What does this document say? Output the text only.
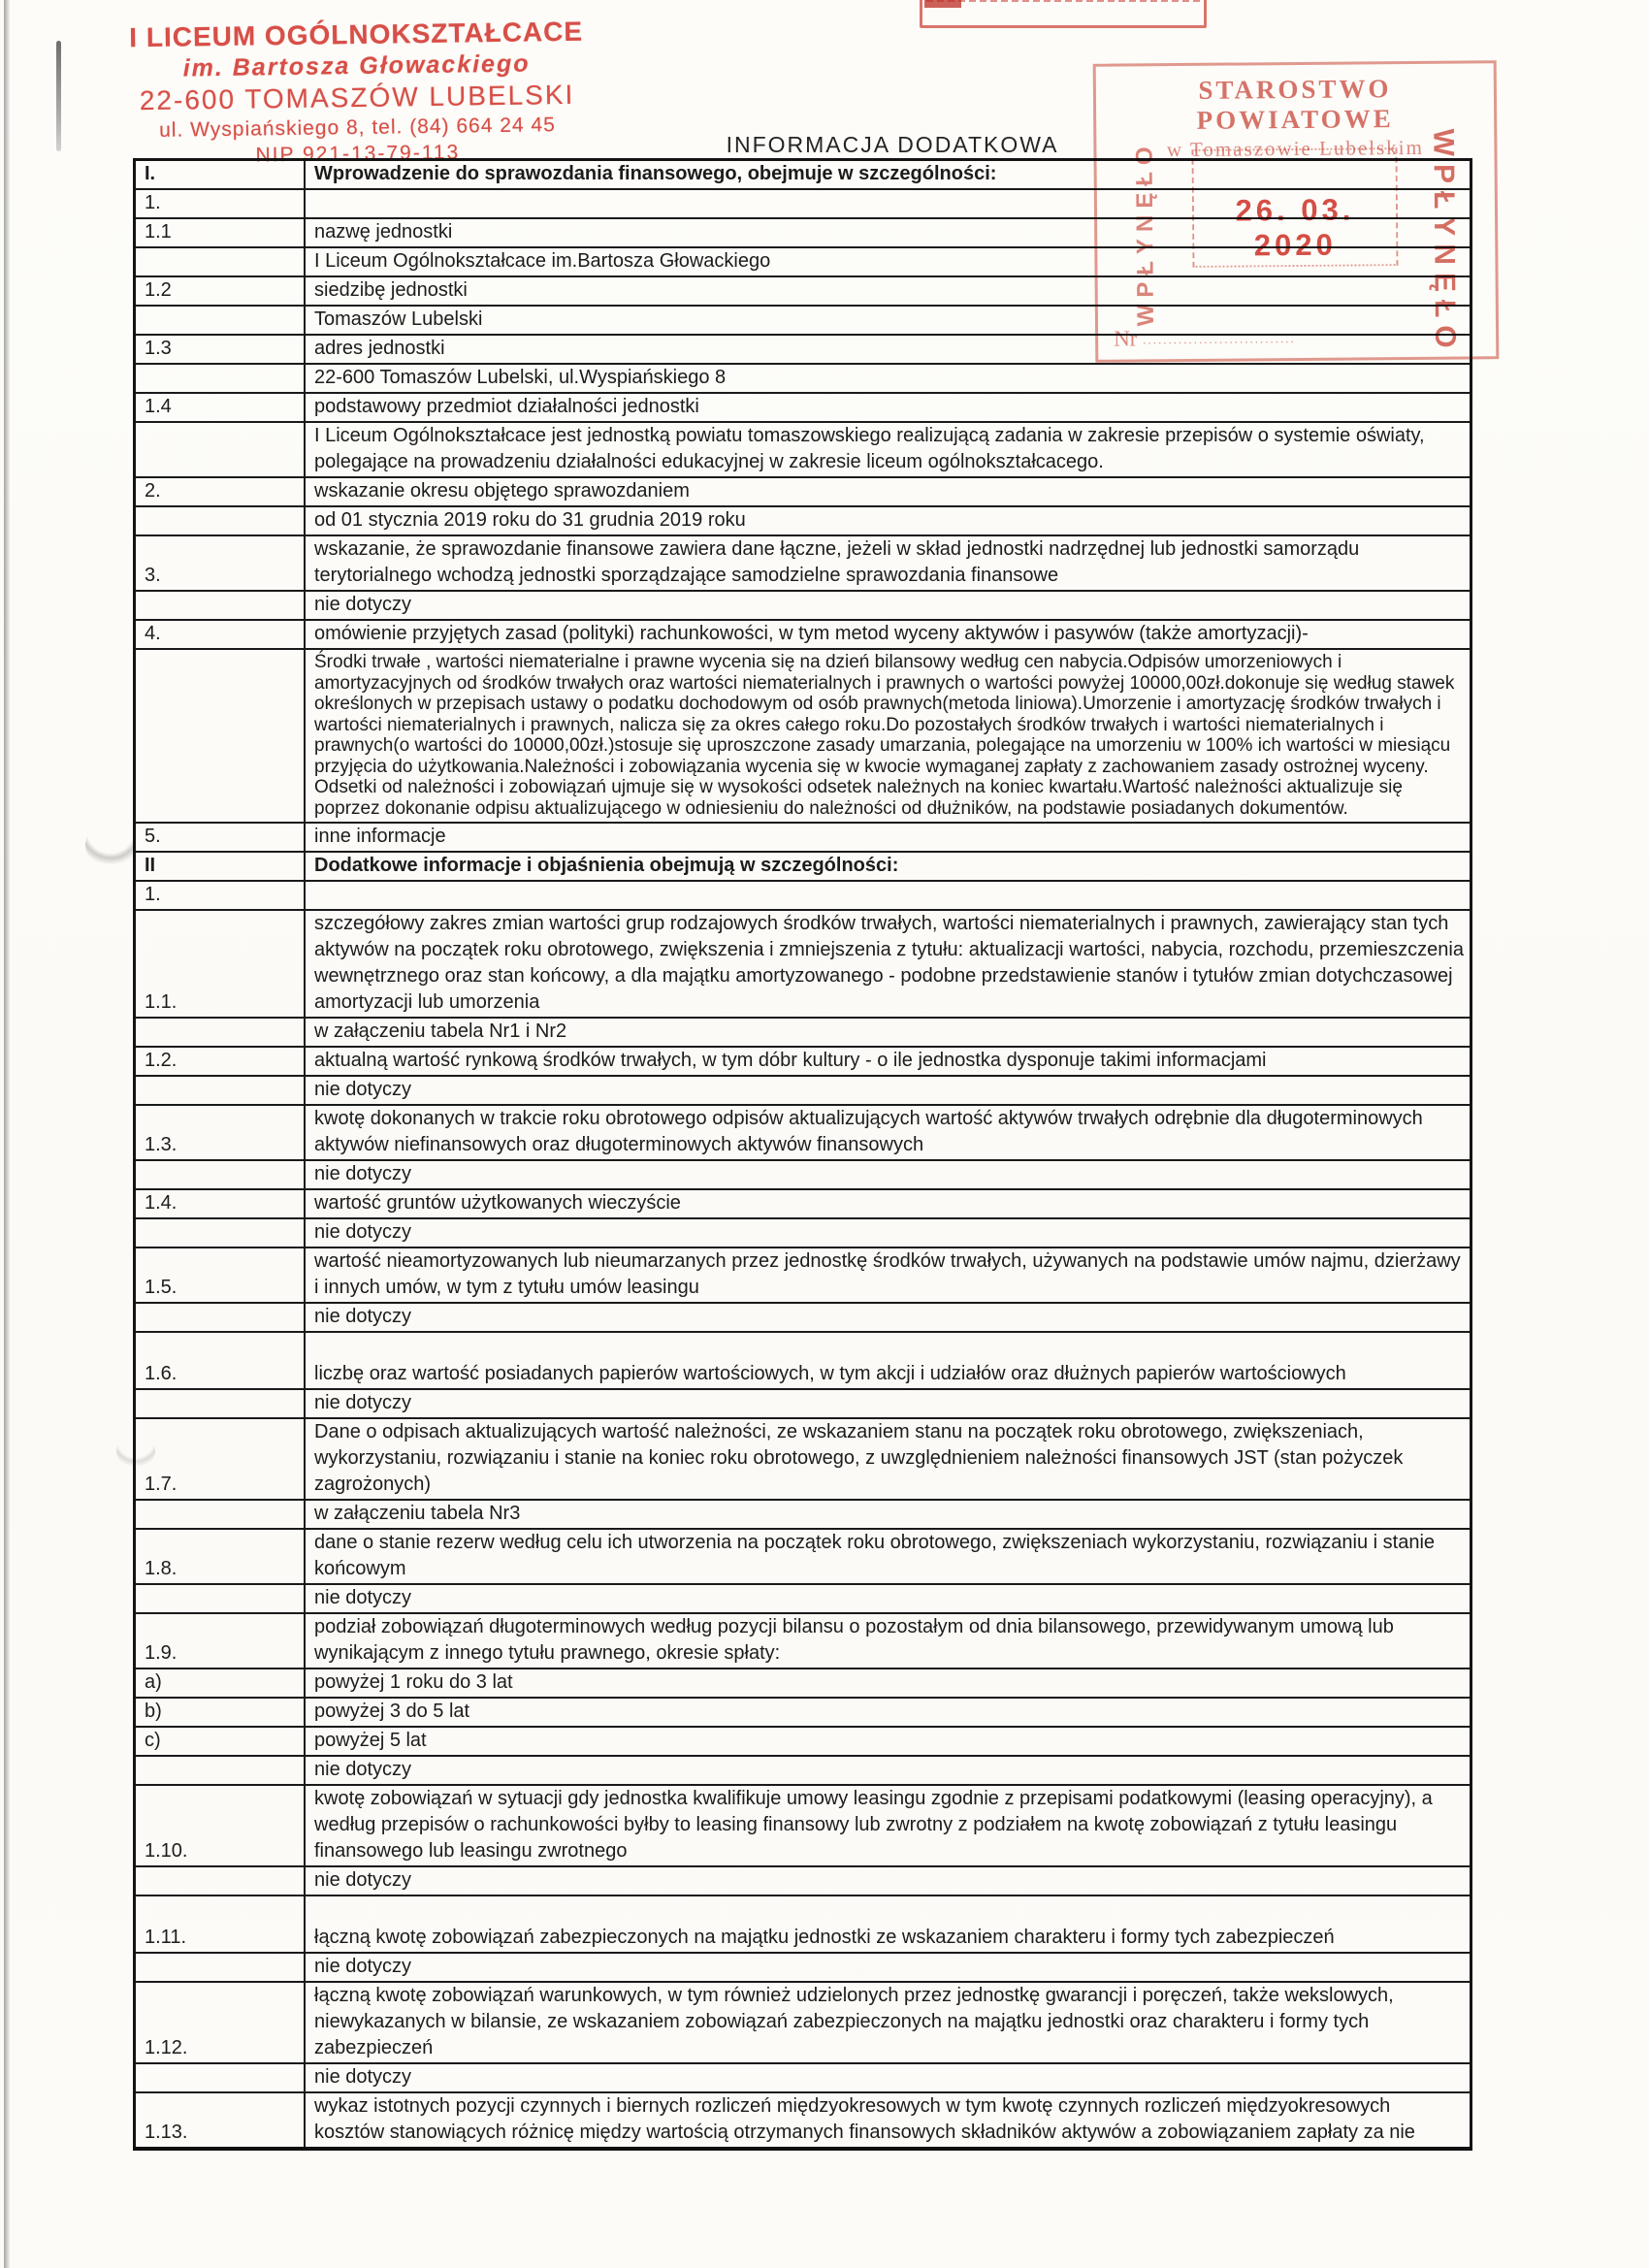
I LICEUM OGÓLNOKSZTAŁCACE
im. Bartosza Głowackiego
22-600 TOMASZÓW LUBELSKI
ul. Wyspiańskiego 8, tel. (84) 664 24 45
NIP 921-13-79-113	INFORMACJA DODATKOWA
I.	Wprowadzenie do sprawozdania finansowego, obejmuje w szczególności:
1.	
1.1	nazwę jednostki
	I Liceum Ogólnokształcace im.Bartosza Głowackiego
1.2	siedzibę jednostki
	Tomaszów Lubelski
1.3	adres jednostki
	22-600 Tomaszów Lubelski, ul.Wyspiańskiego 8
1.4	podstawowy przedmiot działalności jednostki
	I Liceum Ogólnokształcace jest jednostką powiatu tomaszowskiego realizującą zadania w zakresie przepisów o systemie oświaty, polegające na prowadzeniu działalności edukacyjnej w zakresie liceum ogólnokształcacego.
2.	wskazanie okresu objętego sprawozdaniem
	od 01 stycznia 2019 roku do 31 grudnia 2019 roku
3.	wskazanie, że sprawozdanie finansowe zawiera dane łączne, jeżeli w skład jednostki nadrzędnej lub jednostki samorządu terytorialnego wchodzą jednostki sporządzające samodzielne sprawozdania finansowe
	nie dotyczy
4.	omówienie przyjętych zasad (polityki) rachunkowości, w tym metod wyceny aktywów i pasywów (także amortyzacji)-
	Środki trwałe , wartości niematerialne i prawne wycenia się na dzień bilansowy według cen nabycia.Odpisów umorzeniowych i amortyzacyjnych od środków trwałych oraz wartości niematerialnych i prawnych o wartości powyżej 10000,00zł.dokonuje się według stawek określonych w przepisach ustawy o podatku dochodowym od osób prawnych(metoda liniowa).Umorzenie i amortyzację środków trwałych i wartości niematerialnych i prawnych, nalicza się za okres całego roku.Do pozostałych środków trwałych i wartości niematerialnych i prawnych(o wartości do 10000,00zł.)stosuje się uproszczone zasady umarzania, polegające na umorzeniu w 100% ich wartości w miesiącu przyjęcia do użytkowania.Należności i zobowiązania wycenia się w kwocie wymaganej zapłaty z zachowaniem zasady ostrożnej wyceny. Odsetki od należności i zobowiązań ujmuje się w wysokości odsetek należnych na koniec kwartału.Wartość należności aktualizuje się poprzez dokonanie odpisu aktualizującego w odniesieniu do należności od dłużników, na podstawie posiadanych dokumentów.
5.	inne informacje
II	Dodatkowe informacje i objaśnienia obejmują w szczególności:
1.	
1.1.	szczegółowy zakres zmian wartości grup rodzajowych środków trwałych, wartości niematerialnych i prawnych, zawierający stan tych aktywów na początek roku obrotowego, zwiększenia i zmniejszenia z tytułu: aktualizacji wartości, nabycia, rozchodu, przemieszczenia wewnętrznego oraz stan końcowy, a dla majątku amortyzowanego - podobne przedstawienie stanów i tytułów zmian dotychczasowej amortyzacji lub umorzenia
	w załączeniu tabela Nr1 i Nr2
1.2.	aktualną wartość rynkową środków trwałych, w tym dóbr kultury - o ile jednostka dysponuje takimi informacjami
	nie dotyczy
1.3.	kwotę dokonanych w trakcie roku obrotowego odpisów aktualizujących wartość aktywów trwałych odrębnie dla długoterminowych aktywów niefinansowych oraz długoterminowych aktywów finansowych
	nie dotyczy
1.4.	wartość gruntów użytkowanych wieczyście
	nie dotyczy
1.5.	wartość nieamortyzowanych lub nieumarzanych przez jednostkę środków trwałych, używanych na podstawie umów najmu, dzierżawy i innych umów, w tym z tytułu umów leasingu
	nie dotyczy
1.6.	liczbę oraz wartość posiadanych papierów wartościowych, w tym akcji i udziałów oraz dłużnych papierów wartościowych
	nie dotyczy
1.7.	Dane o odpisach aktualizujących wartość należności, ze wskazaniem stanu na początek roku obrotowego, zwiększeniach, wykorzystaniu, rozwiązaniu i stanie na koniec roku obrotowego, z uwzględnieniem należności finansowych JST (stan pożyczek zagrożonych)
	w załączeniu tabela Nr3
1.8.	dane o stanie rezerw według celu ich utworzenia na początek roku obrotowego, zwiększeniach wykorzystaniu, rozwiązaniu i stanie końcowym
	nie dotyczy
1.9.	podział zobowiązań długoterminowych według pozycji bilansu o pozostałym od dnia bilansowego, przewidywanym umową lub wynikającym z innego tytułu prawnego, okresie spłaty:
a)	powyżej 1 roku do 3 lat
b)	powyżej 3 do 5 lat
c)	powyżej 5 lat
	nie dotyczy
1.10.	kwotę zobowiązań w sytuacji gdy jednostka kwalifikuje umowy leasingu zgodnie z przepisami podatkowymi (leasing operacyjny), a według przepisów o rachunkowości byłby to leasing finansowy lub zwrotny z podziałem na kwotę zobowiązań z tytułu leasingu finansowego lub leasingu zwrotnego
	nie dotyczy
1.11.	łączną kwotę zobowiązań zabezpieczonych na majątku jednostki ze wskazaniem charakteru i formy tych zabezpieczeń
	nie dotyczy
1.12.	łączną kwotę zobowiązań warunkowych, w tym również udzielonych przez jednostkę gwarancji i poręczeń, także wekslowych, niewykazanych w bilansie, ze wskazaniem zobowiązań zabezpieczonych na majątku jednostki oraz charakteru i formy tych zabezpieczeń
	nie dotyczy
1.13.	wykaz istotnych pozycji czynnych i biernych rozliczeń międzyokresowych w tym kwotę czynnych rozliczeń międzyokresowych kosztów stanowiących różnicę między wartością otrzymanych finansowych składników aktywów a zobowiązaniem zapłaty za nie
STAROSTWO POWIATOWE
w Tomaszowie Lubelskim
WPŁYNĘŁO	WPŁYNĘŁO
26. 03. 2020
Nr ..............................
